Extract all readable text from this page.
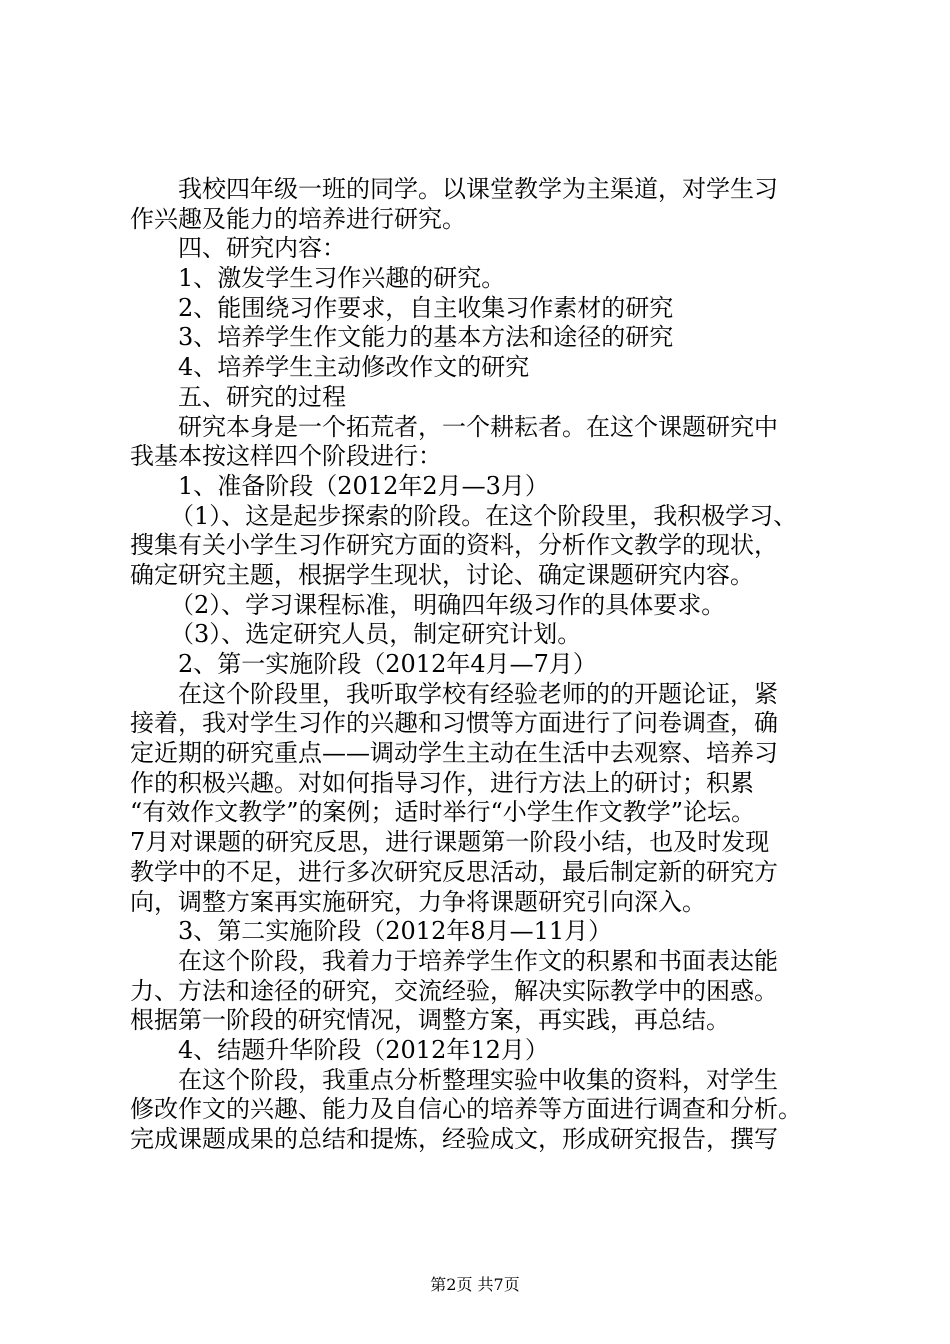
我校四年级一班的同学。以课堂教学为主渠道，对学生习
作兴趣及能力的培养进行研究。
四、研究内容：
1、激发学生习作兴趣的研究。
2、能围绕习作要求，自主收集习作素材的研究
3、培养学生作文能力的基本方法和途径的研究
4、培养学生主动修改作文的研究
五、研究的过程
研究本身是一个拓荒者，一个耕耘者。在这个课题研究中
我基本按这样四个阶段进行：
1、准备阶段（2012年2月—3月）
（1）、这是起步探索的阶段。在这个阶段里，我积极学习、
搜集有关小学生习作研究方面的资料，分析作文教学的现状，
确定研究主题，根据学生现状，讨论、确定课题研究内容。
（2）、学习课程标准，明确四年级习作的具体要求。
（3）、选定研究人员，制定研究计划。
2、第一实施阶段（2012年4月—7月）
在这个阶段里，我听取学校有经验老师的的开题论证，紧
接着，我对学生习作的兴趣和习惯等方面进行了问卷调查，确
定近期的研究重点——调动学生主动在生活中去观察、培养习
作的积极兴趣。对如何指导习作，进行方法上的研讨；积累
“有效作文教学”的案例；适时举行“小学生作文教学”论坛。
7月对课题的研究反思，进行课题第一阶段小结，也及时发现
教学中的不足，进行多次研究反思活动，最后制定新的研究方
向，调整方案再实施研究，力争将课题研究引向深入。
3、第二实施阶段（2012年8月—11月）
在这个阶段，我着力于培养学生作文的积累和书面表达能
力、方法和途径的研究，交流经验，解决实际教学中的困惑。
根据第一阶段的研究情况，调整方案，再实践，再总结。
4、结题升华阶段（2012年12月）
在这个阶段，我重点分析整理实验中收集的资料，对学生
修改作文的兴趣、能力及自信心的培养等方面进行调查和分析。
完成课题成果的总结和提炼，经验成文，形成研究报告，撰写
第2页 共7页
